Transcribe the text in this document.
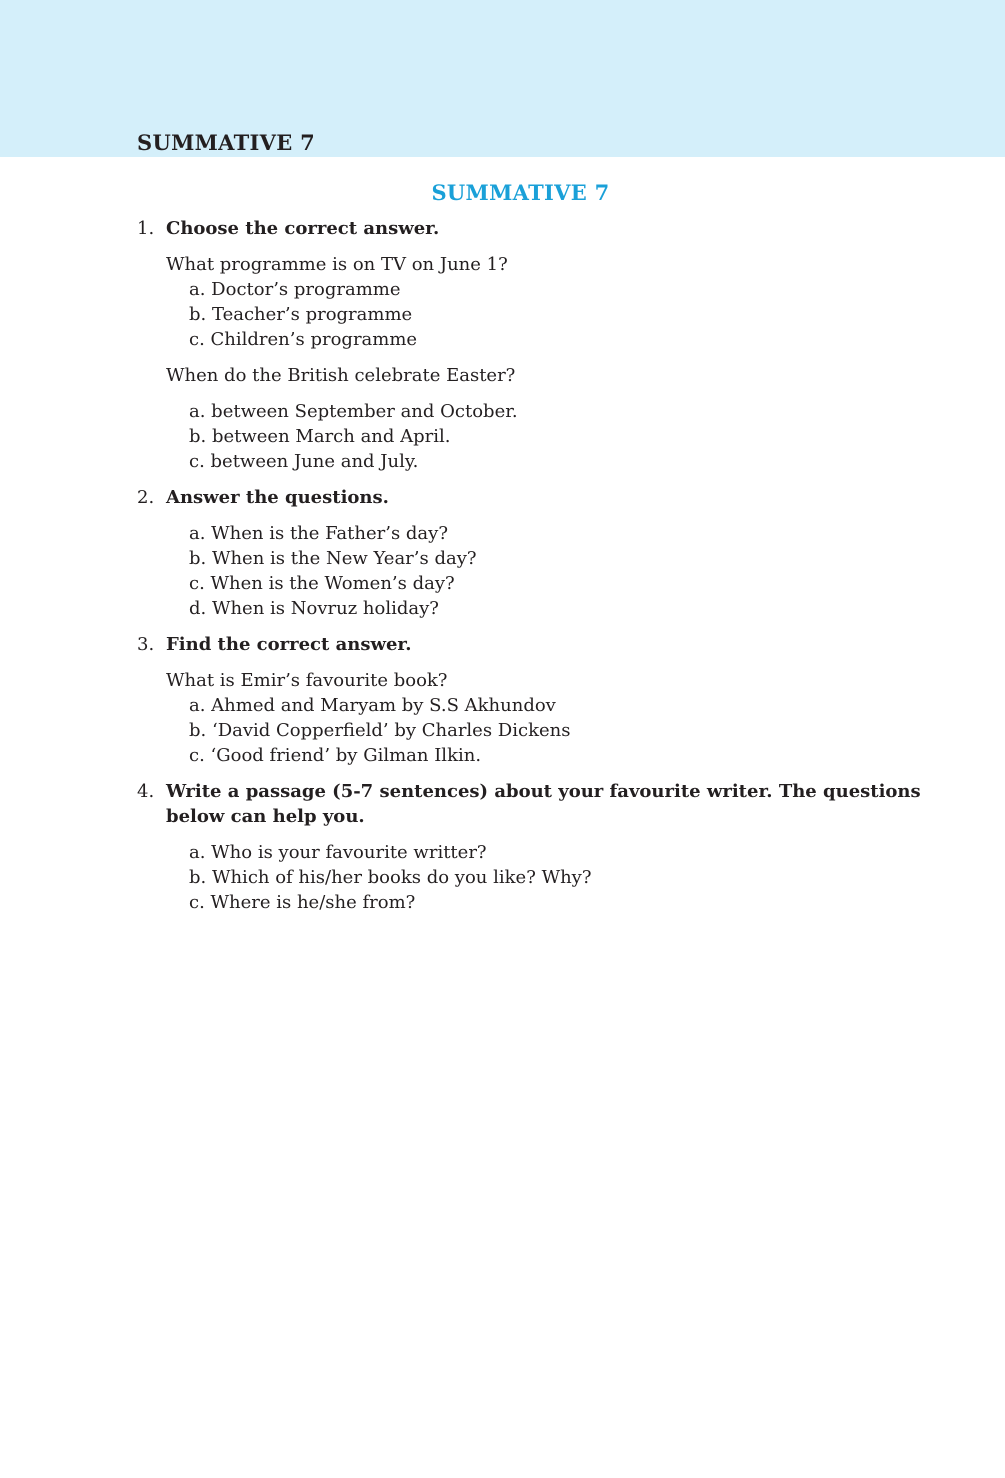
SUMMATIVE 7
SUMMATIVE 7
1. Choose the correct answer.
What programme is on TV on June 1?
a. Doctor’s programme
b. Teacher’s programme
c. Children’s programme
When do the British celebrate Easter?
a. between September and October.
b. between March and April.
c. between June and July.
2. Answer the questions.
a. When is the Father’s day?
b. When is the New Year’s day?
c. When is the Women’s day?
d. When is Novruz holiday?
3. Find the correct answer.
What is Emir’s favourite book?
a. Ahmed and Maryam by S.S Akhundov
b. ‘David Copperfield’ by Charles Dickens
c. ‘Good friend’ by Gilman Ilkin.
4. Write a passage (5-7 sentences) about your favourite writer. The questions below can help you.
a. Who is your favourite writter?
b. Which of his/her books do you like? Why?
c. Where is he/she from?
